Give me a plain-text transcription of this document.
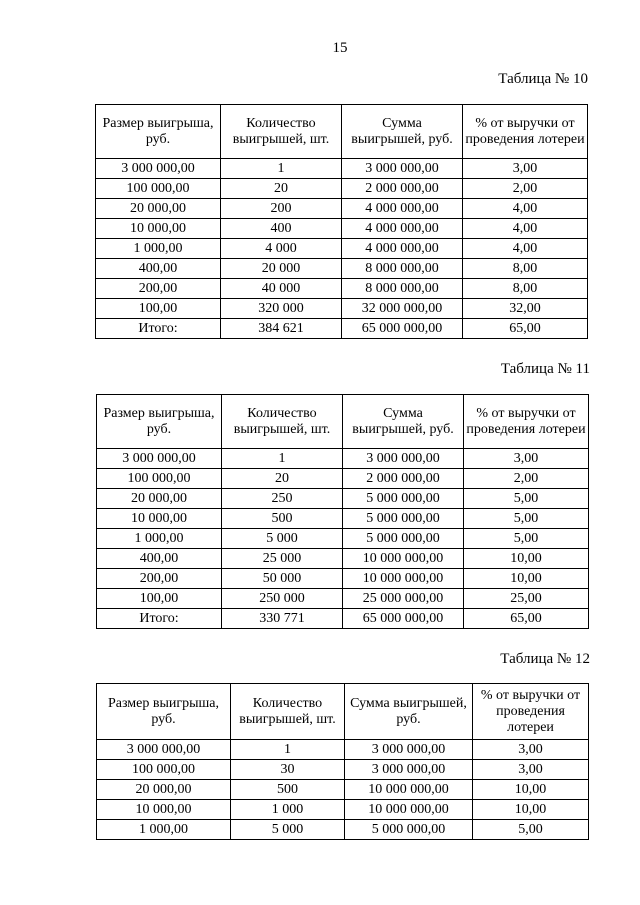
15
Таблица № 10
Размер выигрыша, руб.	Количество выигрышей, шт.	Сумма выигрышей, руб.	% от выручки от проведения лотереи
3 000 000,00	1	3 000 000,00	3,00
100 000,00	20	2 000 000,00	2,00
20 000,00	200	4 000 000,00	4,00
10 000,00	400	4 000 000,00	4,00
1 000,00	4 000	4 000 000,00	4,00
400,00	20 000	8 000 000,00	8,00
200,00	40 000	8 000 000,00	8,00
100,00	320 000	32 000 000,00	32,00
Итого:	384 621	65 000 000,00	65,00
Таблица № 11
Размер выигрыша, руб.	Количество выигрышей, шт.	Сумма выигрышей, руб.	% от выручки от проведения лотереи
3 000 000,00	1	3 000 000,00	3,00
100 000,00	20	2 000 000,00	2,00
20 000,00	250	5 000 000,00	5,00
10 000,00	500	5 000 000,00	5,00
1 000,00	5 000	5 000 000,00	5,00
400,00	25 000	10 000 000,00	10,00
200,00	50 000	10 000 000,00	10,00
100,00	250 000	25 000 000,00	25,00
Итого:	330 771	65 000 000,00	65,00
Таблица № 12
Размер выигрыша, руб.	Количество выигрышей, шт.	Сумма выигрышей, руб.	% от выручки от проведения лотереи
3 000 000,00	1	3 000 000,00	3,00
100 000,00	30	3 000 000,00	3,00
20 000,00	500	10 000 000,00	10,00
10 000,00	1 000	10 000 000,00	10,00
1 000,00	5 000	5 000 000,00	5,00
